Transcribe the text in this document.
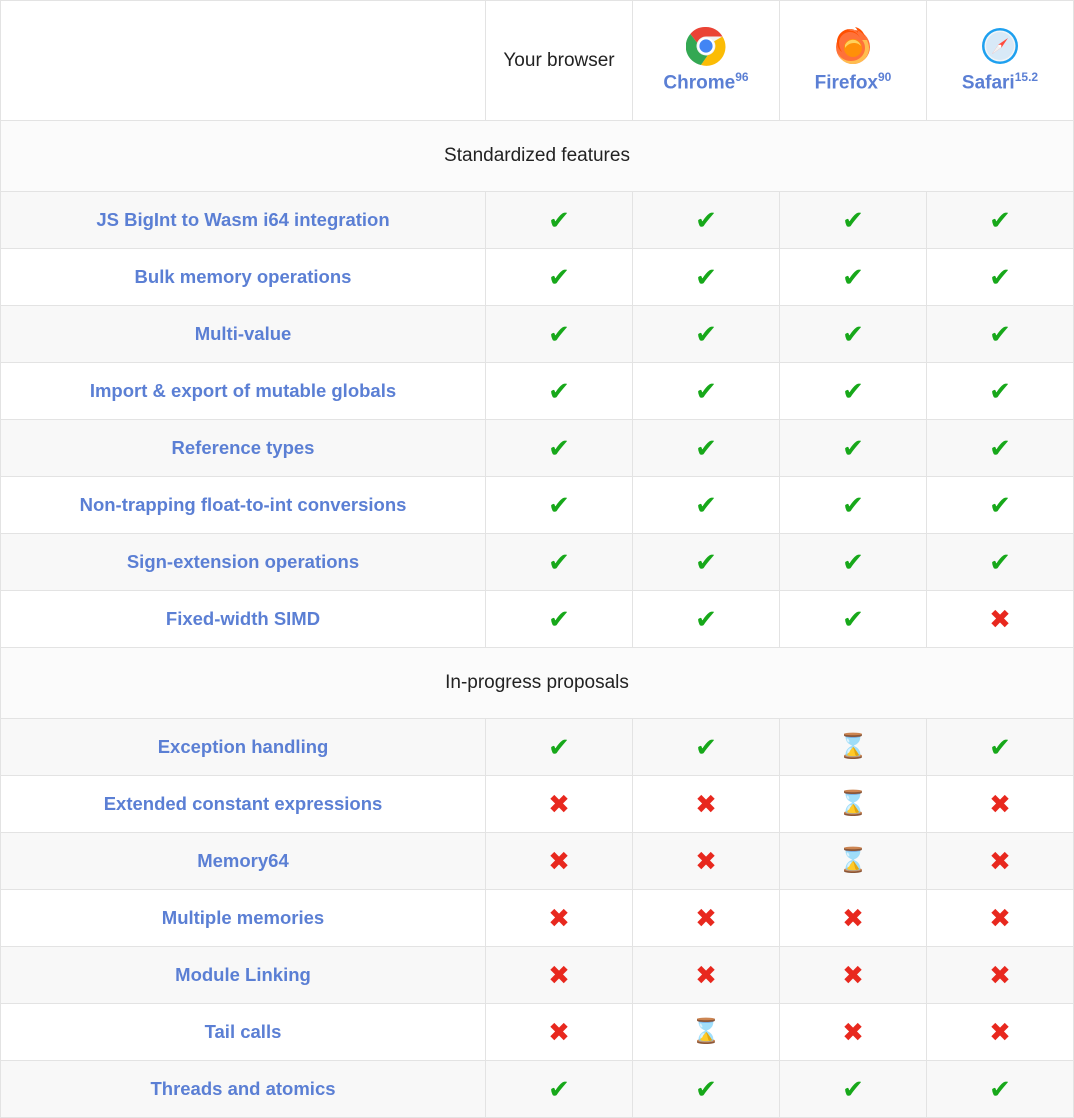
	Your browser	Chrome$^{96}$	Firefox$^{90}$	Safari$^{15.2}$

Standardized features				
JS BigInt to Wasm i64 integration	✔	✔	✔	✔
Bulk memory operations	✔	✔	✔	✔
Multi-value	✔	✔	✔	✔
Import & export of mutable globals	✔	✔	✔	✔
Reference types	✔	✔	✔	✔
Non-trapping float-to-int conversions	✔	✔	✔	✔
Sign-extension operations	✔	✔	✔	✔
Fixed-width SIMD	✔	✔	✔	✖
In-progress proposals				
Exception handling	✔	✔	⌛	✔
Extended constant expressions	✖	✖	⌛	✖
Memory64	✖	✖	⌛	✖
Multiple memories	✖	✖	✖	✖
Module Linking	✖	✖	✖	✖
Tail calls	✖	⌛	✖	✖
Threads and atomics	✔	✔	✔	✔
